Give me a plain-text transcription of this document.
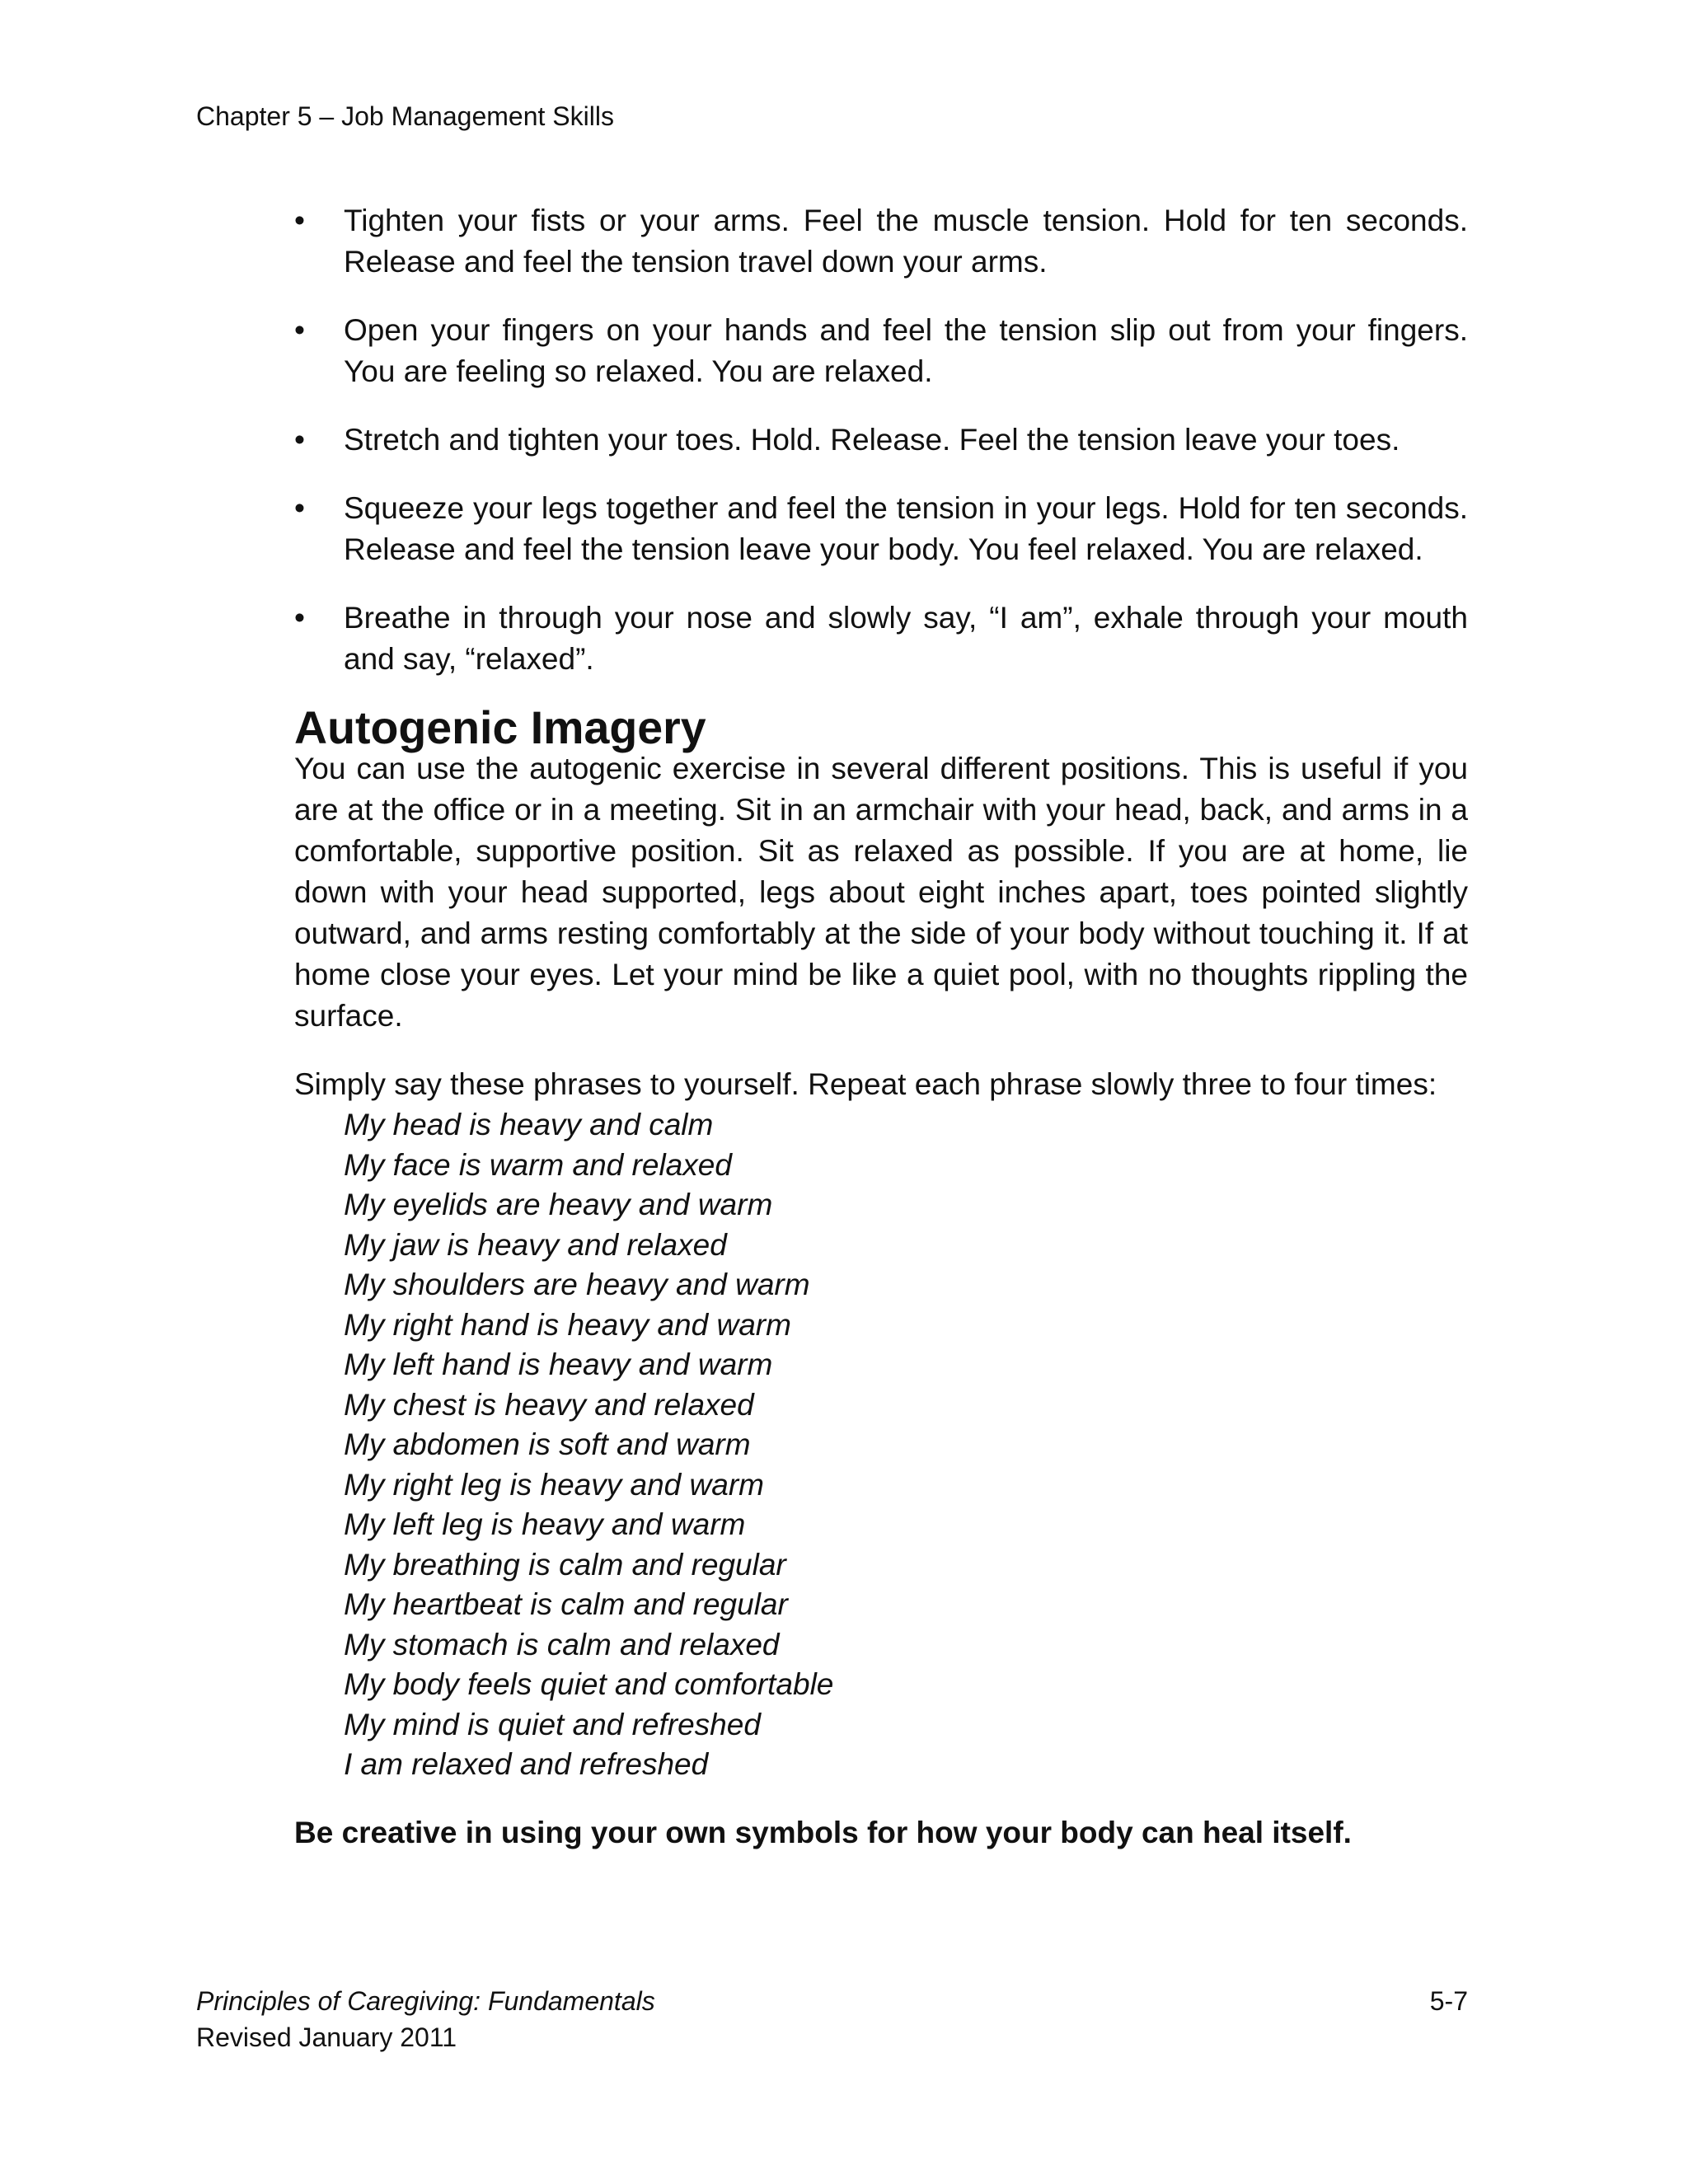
Chapter 5 – Job Management Skills

• Tighten your fists or your arms. Feel the muscle tension. Hold for ten seconds. Release and feel the tension travel down your arms.
• Open your fingers on your hands and feel the tension slip out from your fingers. You are feeling so relaxed. You are relaxed.
• Stretch and tighten your toes. Hold. Release. Feel the tension leave your toes.
• Squeeze your legs together and feel the tension in your legs. Hold for ten seconds. Release and feel the tension leave your body. You feel relaxed. You are relaxed.
• Breathe in through your nose and slowly say, “I am”, exhale through your mouth and say, “relaxed”.
Autogenic Imagery

You can use the autogenic exercise in several different positions. This is useful if you are at the office or in a meeting. Sit in an armchair with your head, back, and arms in a comfortable, supportive position. Sit as relaxed as possible. If you are at home, lie down with your head supported, legs about eight inches apart, toes pointed slightly outward, and arms resting comfortably at the side of your body without touching it. If at home close your eyes. Let your mind be like a quiet pool, with no thoughts rippling the surface.

Simply say these phrases to yourself. Repeat each phrase slowly three to four times:

My head is heavy and calm
My face is warm and relaxed
My eyelids are heavy and warm
My jaw is heavy and relaxed
My shoulders are heavy and warm
My right hand is heavy and warm
My left hand is heavy and warm
My chest is heavy and relaxed
My abdomen is soft and warm
My right leg is heavy and warm
My left leg is heavy and warm
My breathing is calm and regular
My heartbeat is calm and regular
My stomach is calm and relaxed
My body feels quiet and comfortable
My mind is quiet and refreshed
I am relaxed and refreshed

Be creative in using your own symbols for how your body can heal itself.

Principles of Caregiving: Fundamentals	5-7
Revised January 2011
